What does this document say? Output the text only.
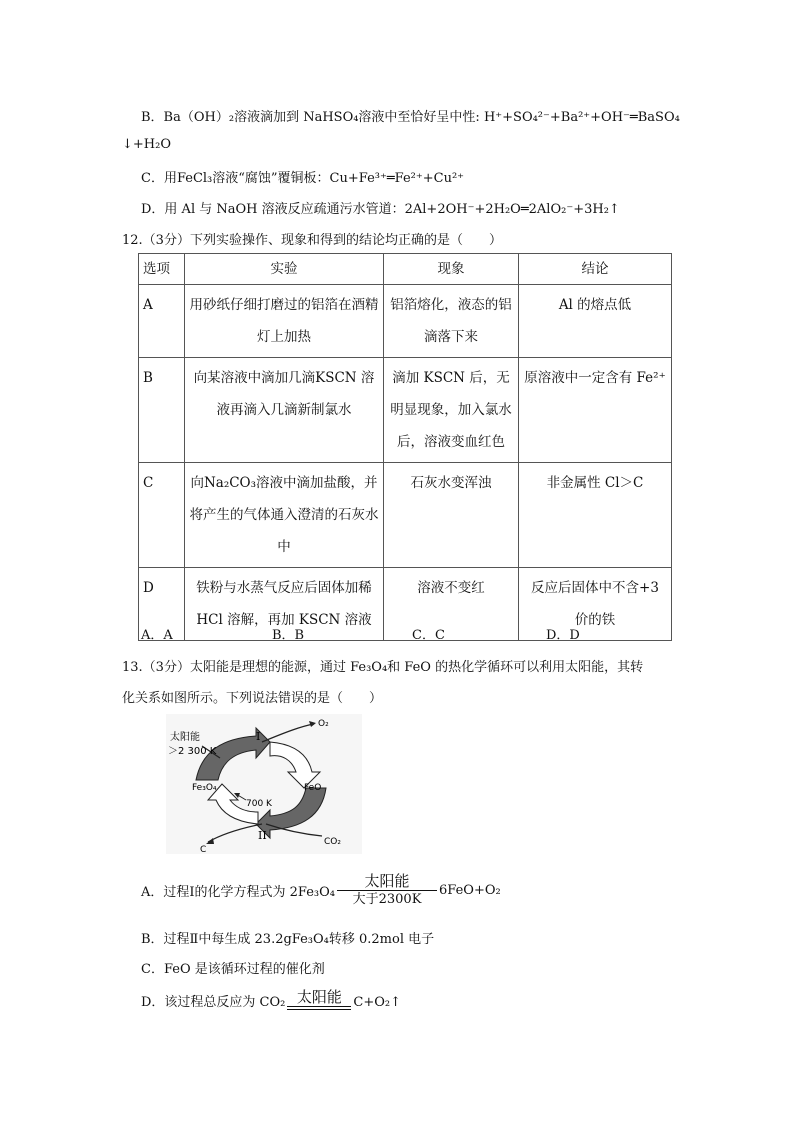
B．Ba（OH）₂溶液滴加到 NaHSO₄溶液中至恰好呈中性: H⁺+SO₄²⁻+Ba²⁺+OH⁻═BaSO₄
↓+H₂O
C．用FeCl₃溶液“腐蚀”覆铜板：Cu+Fe³⁺═Fe²⁺+Cu²⁺
D．用 Al 与 NaOH 溶液反应疏通污水管道：2Al+2OH⁻+2H₂O═2AlO₂⁻+3H₂↑
12.（3分）下列实验操作、现象和得到的结论均正确的是（　　）
选项	实验	现象	结论
A	用砂纸仔细打磨过的铝箔在酒精灯上加热	铝箔熔化，液态的铝滴落下来	Al 的熔点低
B	向某溶液中滴加几滴KSCN 溶液再滴入几滴新制氯水	滴加 KSCN 后，无明显现象，加入氯水后，溶液变血红色	原溶液中一定含有 Fe²⁺
C	向Na₂CO₃溶液中滴加盐酸，并将产生的气体通入澄清的石灰水中	石灰水变浑浊	非金属性 Cl＞C
D	铁粉与水蒸气反应后固体加稀 HCl 溶解，再加 KSCN 溶液	溶液不变红	反应后固体中不含+3 价的铁
A．A	B．B	C．C	D．D
13.（3分）太阳能是理想的能源，通过 Fe₃O₄和 FeO 的热化学循环可以利用太阳能，其转
化关系如图所示。下列说法错误的是（　　）
太阳能
＞2 300 K
I
II
O₂
FeO
Fe₃O₄
700 K
C
CO₂
A．过程Ⅰ的化学方程式为 $2Fe_3O_4 \frac{\text{太阳能}}{\text{大于2300K}} 6FeO+O_2$
B．过程Ⅱ中每生成 23.2gFe₃O₄转移 0.2mol 电子
C．FeO 是该循环过程的催化剂
D．该过程总反应为 CO₂ 太阳能 C+O₂↑
